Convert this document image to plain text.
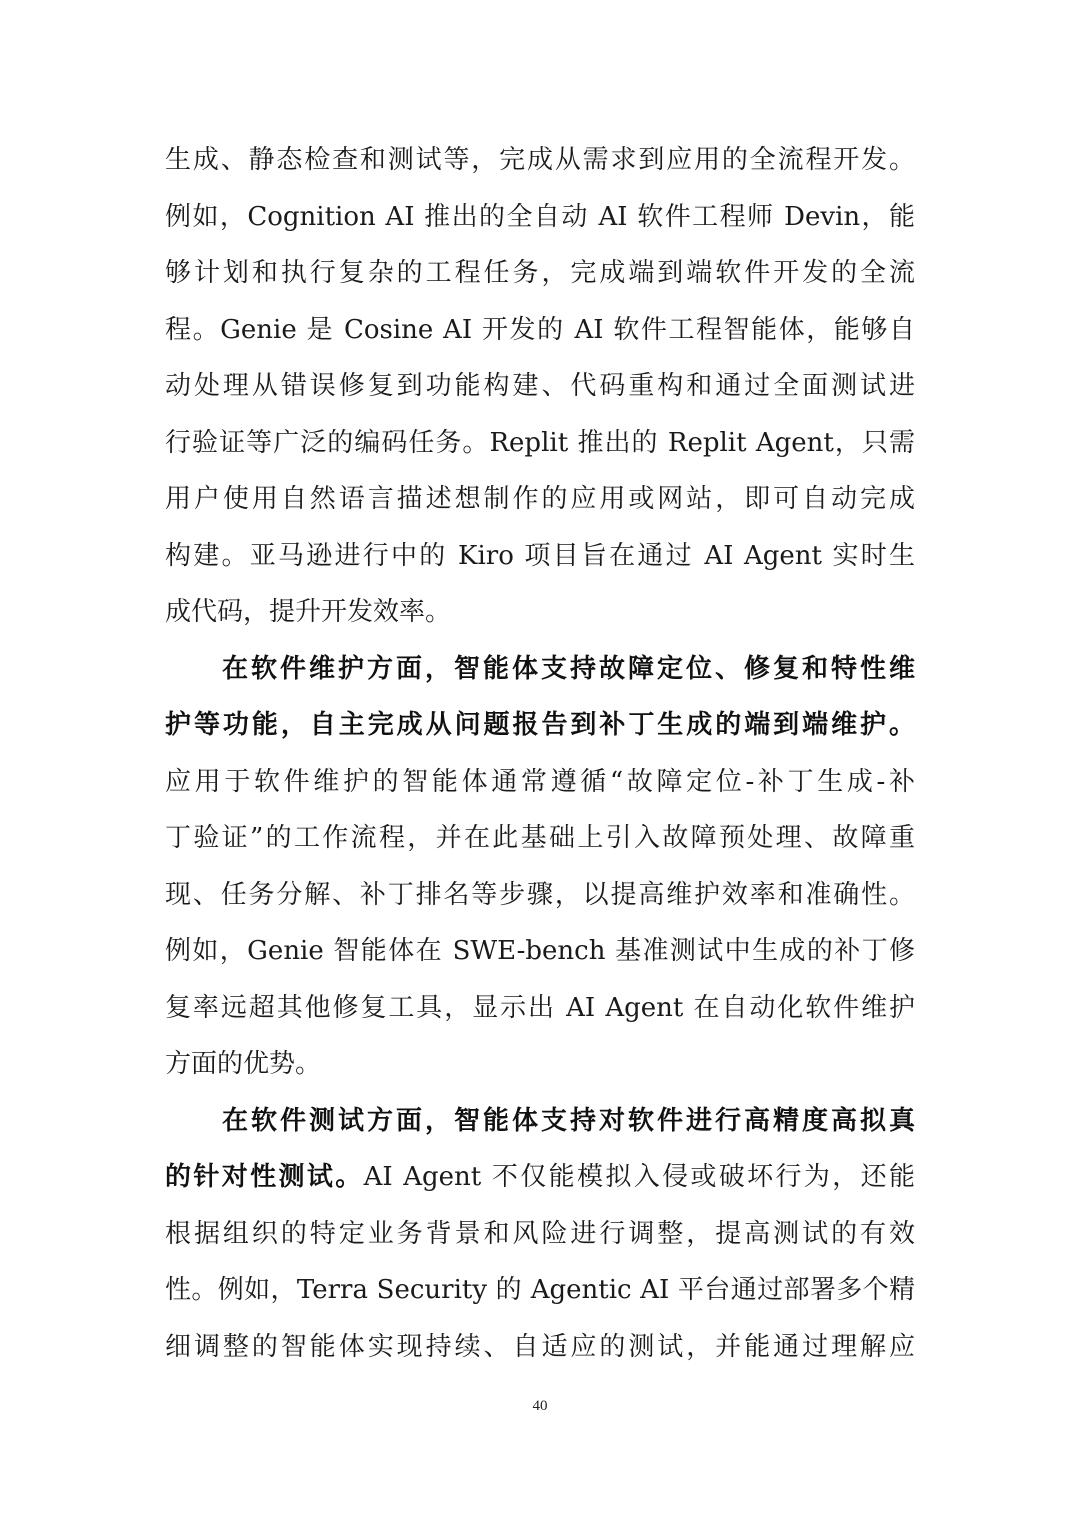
生成、静态检查和测试等，完成从需求到应用的全流程开发。
例如，Cognition AI 推出的全自动 AI 软件工程师 Devin，能
够计划和执行复杂的工程任务，完成端到端软件开发的全流
程。Genie 是 Cosine AI 开发的 AI 软件工程智能体，能够自
动处理从错误修复到功能构建、代码重构和通过全面测试进
行验证等广泛的编码任务。Replit 推出的 Replit Agent，只需
用户使用自然语言描述想制作的应用或网站，即可自动完成
构建。亚马逊进行中的 Kiro 项目旨在通过 AI Agent 实时生
成代码，提升开发效率。
在软件维护方面，智能体支持故障定位、修复和特性维
护等功能，自主完成从问题报告到补丁生成的端到端维护。
应用于软件维护的智能体通常遵循“故障定位-补丁生成-补
丁验证”的工作流程，并在此基础上引入故障预处理、故障重
现、任务分解、补丁排名等步骤，以提高维护效率和准确性。
例如，Genie 智能体在 SWE-bench 基准测试中生成的补丁修
复率远超其他修复工具，显示出 AI Agent 在自动化软件维护
方面的优势。
在软件测试方面，智能体支持对软件进行高精度高拟真
的针对性测试。AI Agent 不仅能模拟入侵或破坏行为，还能
根据组织的特定业务背景和风险进行调整，提高测试的有效
性。例如，Terra Security 的 Agentic AI 平台通过部署多个精
细调整的智能体实现持续、自适应的测试，并能通过理解应
40
